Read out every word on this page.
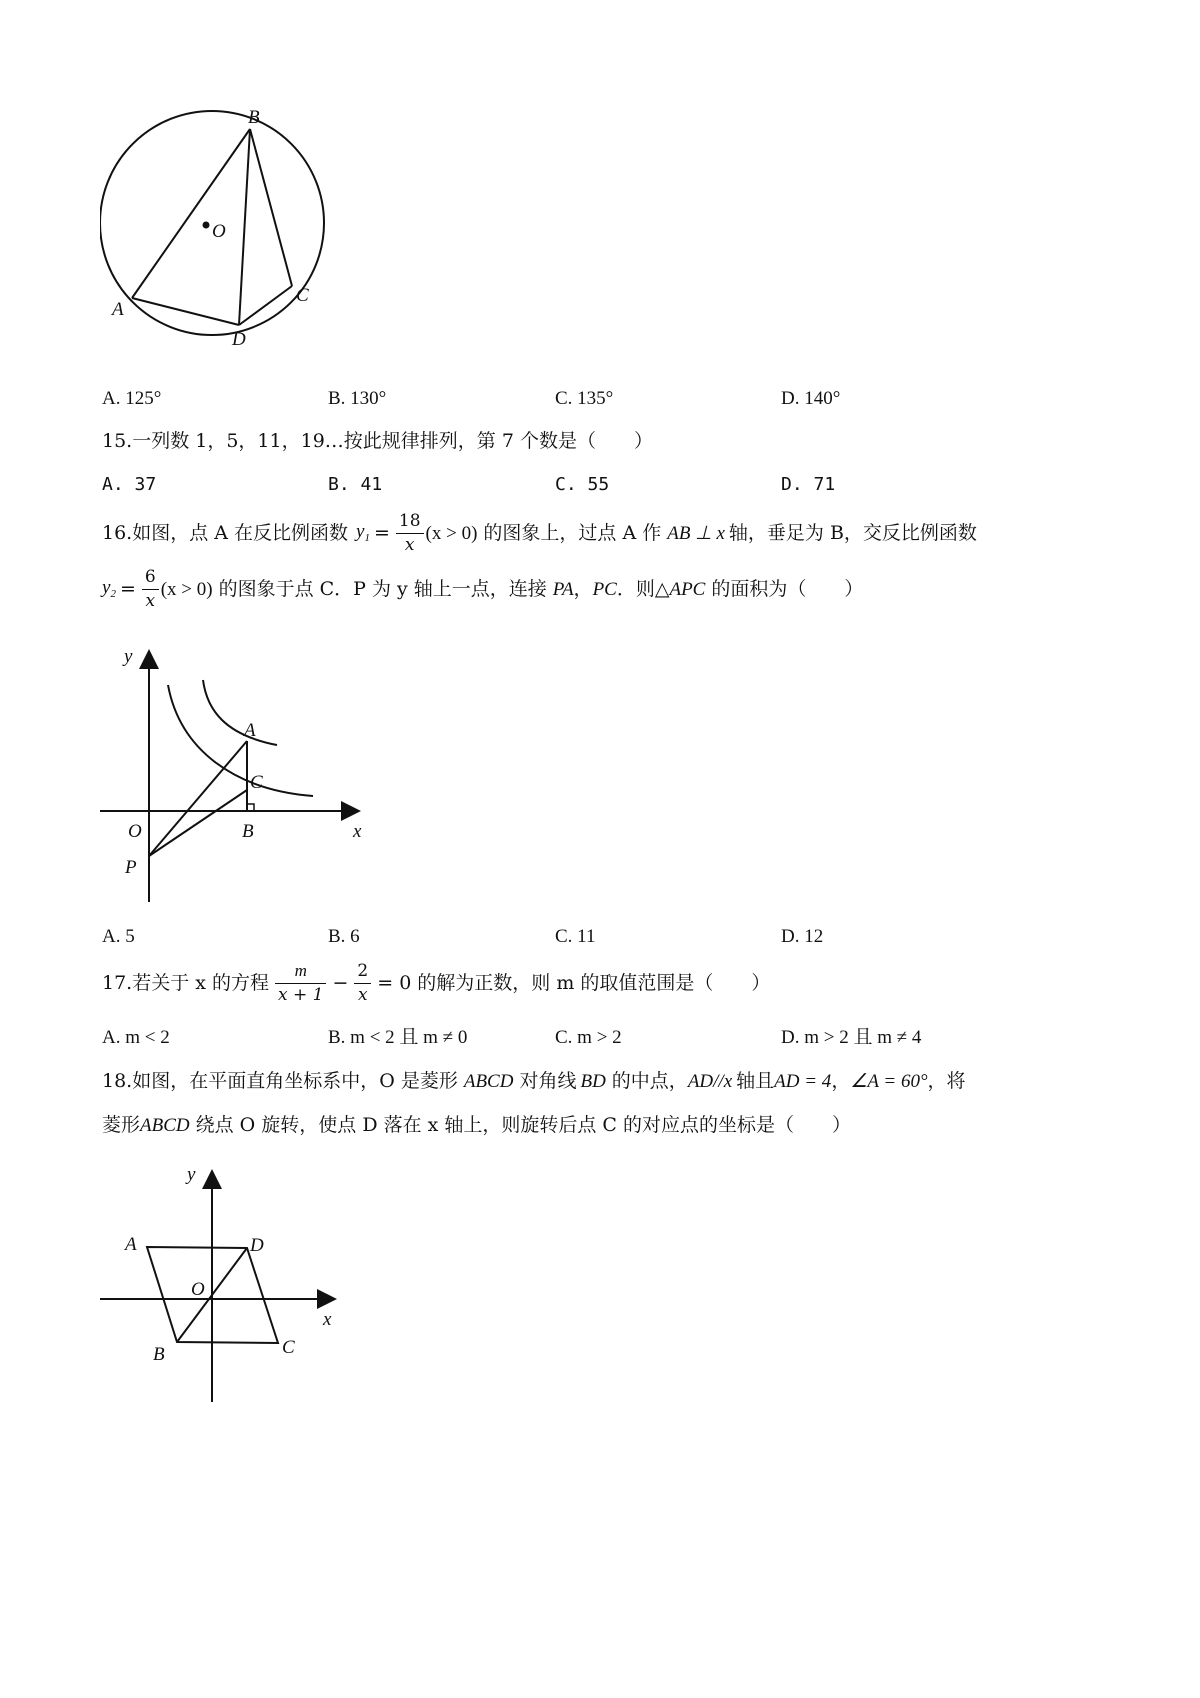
B
O
A
C
D
A. 125°	B. 130°	C. 135°	D. 140°
15.一列数 1，5，11，19…按此规律排列，第 7 个数是（　　）
A. 37	B. 41	C. 55	D. 71
16.如图，点 A 在反比例函数 $y_1 = \frac{18}{x} (x > 0)$ 的图象上，过点 A 作 AB ⊥ x 轴，垂足为 B，交反比例函数
$y_2 = \frac{6}{x} (x > 0)$ 的图象于点 C．P 为 y 轴上一点，连接 PA ， PC ．则△ APC 的面积为（　　）
y
A
C
O	B	x
P
A. 5	B. 6	C. 11	D. 12
17.若关于 x 的方程 $\frac{m}{x + 1} - \frac{2}{x} = 0$ 的解为正数，则 m 的取值范围是（　　）
A. m < 2	B. m < 2 且 m ≠ 0	C. m > 2	D. m > 2 且 m ≠ 4
18.如图，在平面直角坐标系中，O 是菱形 ABCD 对角线 BD 的中点， AD//x 轴且 AD = 4 ， ∠A = 60° ，将
菱形 ABCD 绕点 O 旋转，使点 D 落在 x 轴上，则旋转后点 C 的对应点的坐标是（　　）
y
A	D
O
x
B	C
